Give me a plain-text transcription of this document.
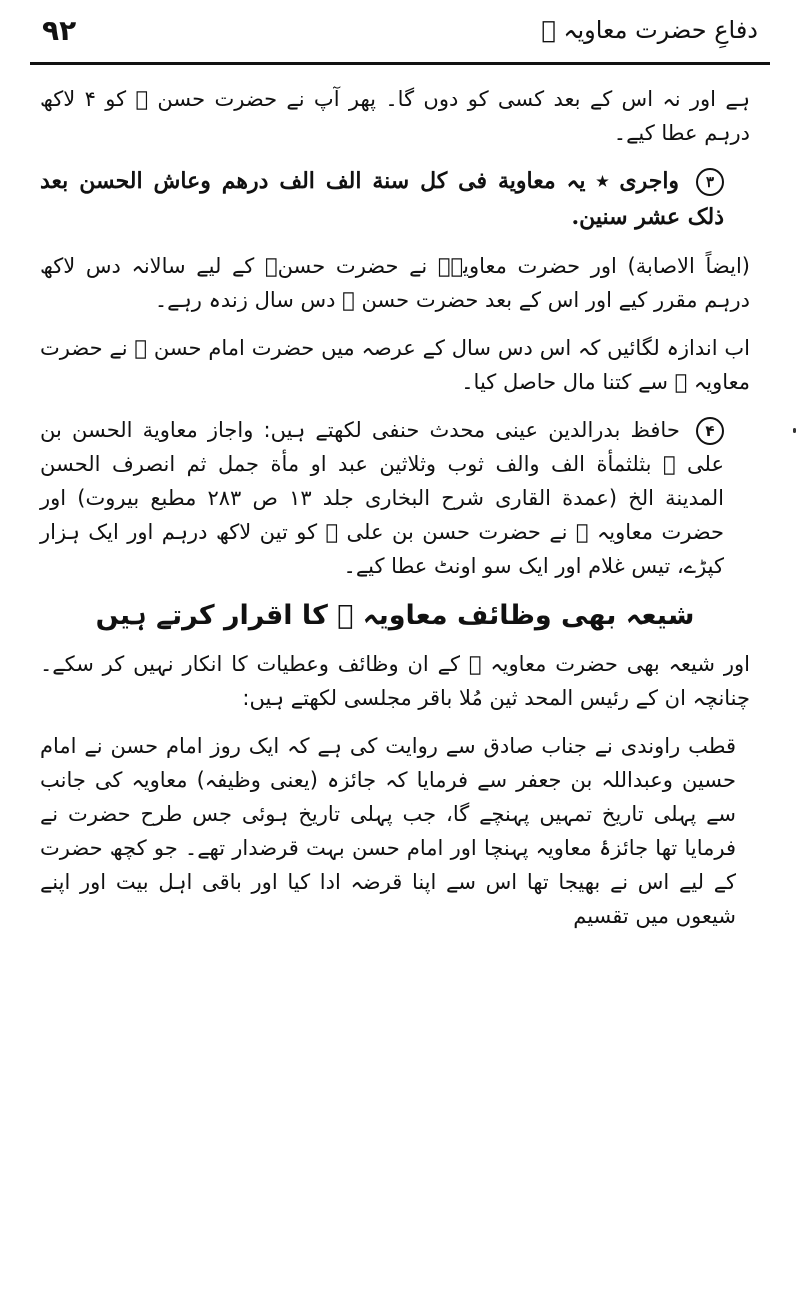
۹۲	دفاعِ حضرت معاویہ ﷛

ہے اور نہ اس کے بعد کسی کو دوں گا۔ پھر آپ نے حضرت حسن ﷛ کو ۴ لاکھ درہم عطا کیے۔

۳ واجری ٭ یہ معاویة فی کل سنة الف الف درھم وعاش الحسن بعد ذلک عشر سنین.

(ایضاً الاصابة) اور حضرت معاویہؓ نے حضرت حسنؓ کے لیے سالانہ دس لاکھ درہم مقرر کیے اور اس کے بعد حضرت حسن ﷛ دس سال زندہ رہے۔

اب اندازہ لگائیں کہ اس دس سال کے عرصہ میں حضرت امام حسن ﷛ نے حضرت معاویہ ﷛ سے کتنا مال حاصل کیا۔

۴ حافظ بدرالدین عینی محدث حنفی لکھتے ہیں: واجاز معاویة الحسن بن علی ﷛ بثلثمأة الف والف ثوب وثلاثین عبد او مأة جمل ثم انصرف الحسن المدینة الخ (عمدة القاری شرح البخاری جلد ۱۳ ص ۲۸۳ مطبع بیروت) اور حضرت معاویہ ﷛ نے حضرت حسن بن علی ﷛ کو تین لاکھ درہم اور ایک ہزار کپڑے، تیس غلام اور ایک سو اونٹ عطا کیے۔

شیعہ بھی وظائف معاویہ ﷛ کا اقرار کرتے ہیں

اور شیعہ بھی حضرت معاویہ ﷛ کے ان وظائف وعطیات کا انکار نہیں کر سکے۔ چنانچہ ان کے رئیس المحد ثین مُلا باقر مجلسی لکھتے ہیں:

قطب راوندی نے جناب صادق سے روایت کی ہے کہ ایک روز امام حسن نے امام حسین وعبداللہ بن جعفر سے فرمایا کہ جائزہ (یعنی وظیفہ) معاویہ کی جانب سے پہلی تاریخ تمہیں پہنچے گا، جب پہلی تاریخ ہوئی جس طرح حضرت نے فرمایا تھا جائزۂ معاویہ پہنچا اور امام حسن بہت قرضدار تھے۔ جو کچھ حضرت کے لیے اس نے بھیجا تھا اس سے اپنا قرضہ ادا کیا اور باقی اہل بیت اور اپنے شیعوں میں تقسیم
